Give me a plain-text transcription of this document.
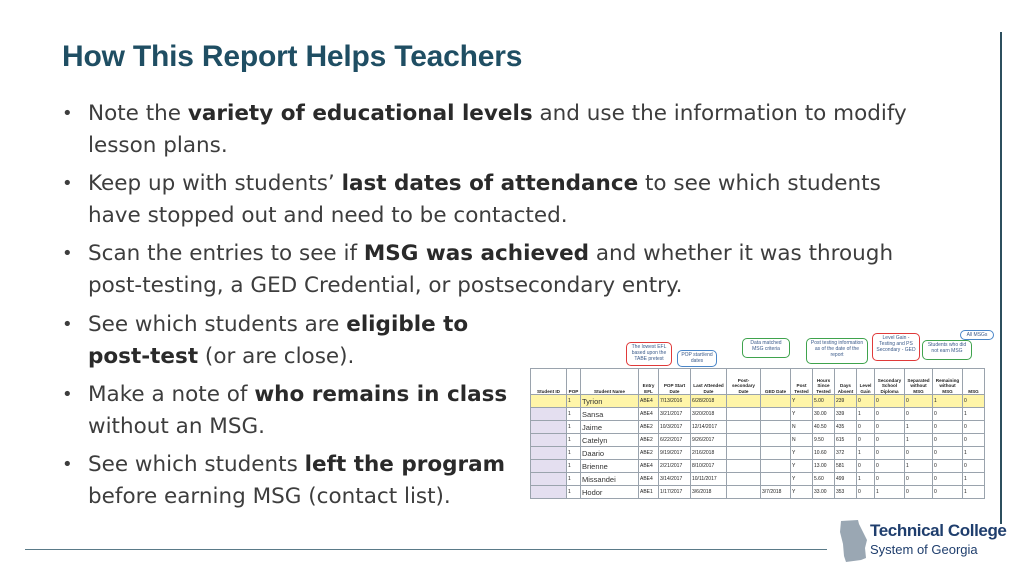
How This Report Helps Teachers
• Note the variety of educational levels and use the information to modify
lesson plans.
• Keep up with students’ last dates of attendance to see which students
have stopped out and need to be contacted.
• Scan the entries to see if MSG was achieved and whether it was through
post-testing, a GED Credential, or postsecondary entry.
• See which students are eligible to
post-test (or are close).
• Make a note of who remains in class
without an MSG.
• See which students left the program
before earning MSG (contact list).
The lowest EFL based upon the TABE pretest
POP start/end dates
Data matched MSG criteria
Post testing information as of the date of the report
Level Gain - Testing and PS Secondary - GED
Students who did not earn MSG
All MSGs
Student ID	POP	Student Name	Entry EFL	POP Start Date	Last Attended Date	Post-secondary Date	GED Date	Post Tested	Hours Since Tested	Days Absent	Level Gain	Secondary School Diploma	Separated without MSG	Remaining without MSG	MSG
	1	Tyrion	ABE4	7/13/2016	6/28/2018			Y	5.00	239	0	0	0	1	0
	1	Sansa	ABE4	3/21/2017	3/20/2018			Y	30.00	339	1	0	0	0	1
	1	Jaime	ABE2	10/3/2017	12/14/2017			N	40.50	435	0	0	1	0	0
	1	Catelyn	ABE2	6/22/2017	9/26/2017			N	9.50	615	0	0	1	0	0
	1	Daario	ABE2	9/19/2017	2/16/2018			Y	10.60	372	1	0	0	0	1
	1	Brienne	ABE4	2/21/2017	8/10/2017			Y	13.00	581	0	0	1	0	0
	1	Missandei	ABE4	3/14/2017	10/11/2017			Y	5.60	499	1	0	0	0	1
	1	Hodor	ABE1	1/17/2017	3/6/2018		3/7/2018	Y	33.00	353	0	1	0	0	1
Technical College
System of Georgia
